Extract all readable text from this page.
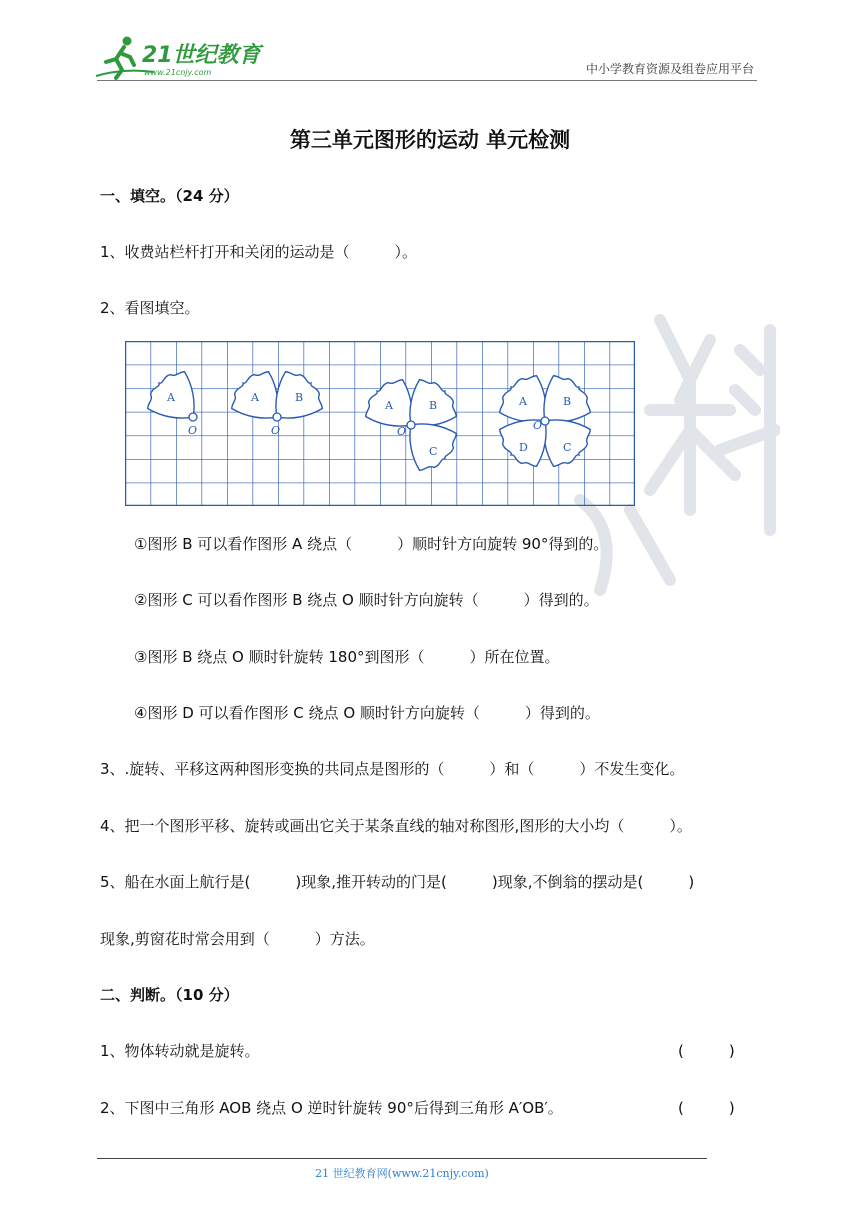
21世纪教育
www.21cnjy.com	中小学教育资源及组卷应用平台
第三单元图形的运动 单元检测
一、填空。（24 分）
1、收费站栏杆打开和关闭的运动是（　　　）。
2、看图填空。
A
O
A	B
O
A	B
C
O
A	B
C
D
O
①图形 B 可以看作图形 A 绕点（　　　）顺时针方向旋转 90°得到的。
②图形 C 可以看作图形 B 绕点 O 顺时针方向旋转（　　　）得到的。
③图形 B 绕点 O 顺时针旋转 180°到图形（　　　）所在位置。
④图形 D 可以看作图形 C 绕点 O 顺时针方向旋转（　　　）得到的。
3、.旋转、平移这两种图形变换的共同点是图形的（　　　）和（　　　）不发生变化。
4、把一个图形平移、旋转或画出它关于某条直线的轴对称图形,图形的大小均（　　　）。
5、船在水面上航行是(　　　)现象,推开转动的门是(　　　)现象,不倒翁的摆动是(　　　)
现象,剪窗花时常会用到（　　　）方法。
二、判断。（10 分）
1、物体转动就是旋转。	(　　　)
2、下图中三角形 AOB 绕点 O 逆时针旋转 90°后得到三角形 A′OB′。	(　　　)
21 世纪教育网(www.21cnjy.com)
